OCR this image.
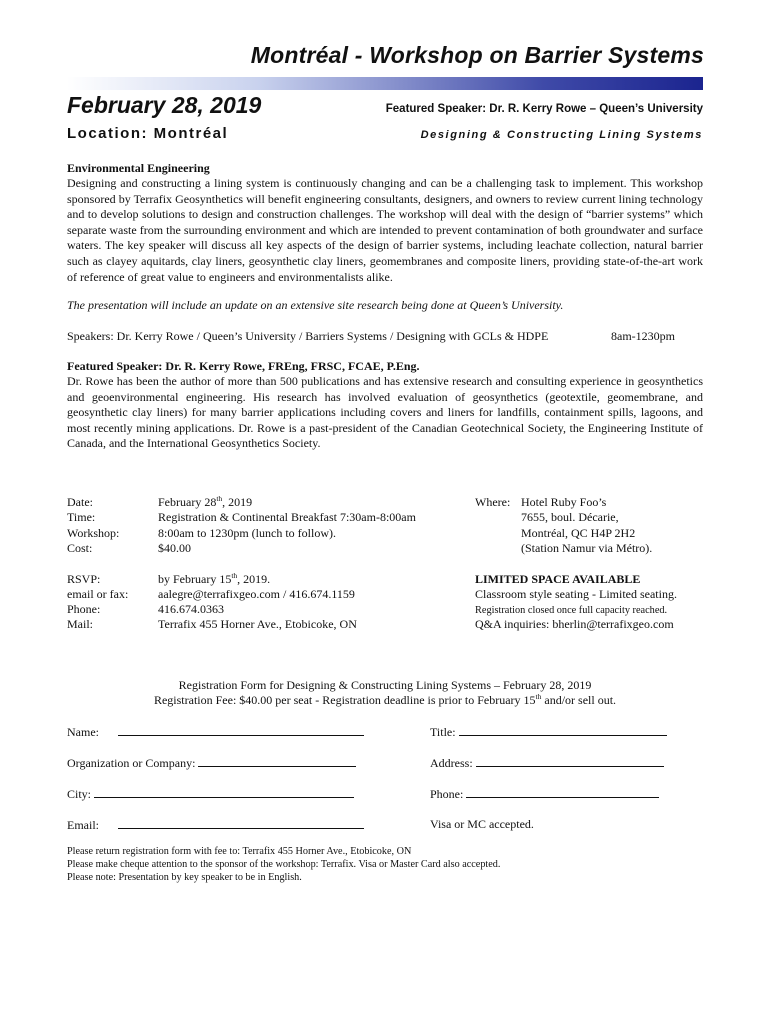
Montréal - Workshop on Barrier Systems
February 28, 2019	Featured Speaker: Dr. R. Kerry Rowe – Queen’s University
Location: Montréal	Designing & Constructing Lining Systems
Environmental Engineering
Designing and constructing a lining system is continuously changing and can be a challenging task to implement. This workshop sponsored by Terrafix Geosynthetics will benefit engineering consultants, designers, and owners to review current lining technology and to develop solutions to design and construction challenges. The workshop will deal with the design of “barrier systems” which separate waste from the surrounding environment and which are intended to prevent contamination of both groundwater and surface waters. The key speaker will discuss all key aspects of the design of barrier systems, including leachate collection, natural barrier such as clayey aquitards, clay liners, geosynthetic clay liners, geomembranes and composite liners, providing state-of-the-art work of reference of great value to engineers and environmentalists alike.
The presentation will include an update on an extensive site research being done at Queen’s University.
Speakers: Dr. Kerry Rowe / Queen’s University / Barriers Systems / Designing with GCLs & HDPE	8am-1230pm
Featured Speaker: Dr. R. Kerry Rowe, FREng, FRSC, FCAE, P.Eng.
Dr. Rowe has been the author of more than 500 publications and has extensive research and consulting experience in geosynthetics and geoenvironmental engineering. His research has involved evaluation of geosynthetics (geotextile, geomembrane, and geosynthetic clay liners) for many barrier applications including covers and liners for landfills, containment spills, lagoons, and most recently mining applications. Dr. Rowe is a past-president of the Canadian Geotechnical Society, the Engineering Institute of Canada, and the International Geosynthetics Society.
Date:	February 28th, 2019
Time:	Registration & Continental Breakfast 7:30am-8:00am
Workshop:	8:00am to 1230pm (lunch to follow).
Cost:	$40.00
Where: Hotel Ruby Foo’s
7655, boul. Décarie,
Montréal, QC H4P 2H2
(Station Namur via Métro).
RSVP:	by February 15th, 2019.
email or fax: aalegre@terrafixgeo.com / 416.674.1159
Phone:	416.674.0363
Mail:	Terrafix 455 Horner Ave., Etobicoke, ON
LIMITED SPACE AVAILABLE
Classroom style seating - Limited seating.
Registration closed once full capacity reached.
Q&A inquiries: bherlin@terrafixgeo.com
Registration Form for Designing & Constructing Lining Systems – February 28, 2019
Registration Fee: $40.00 per seat - Registration deadline is prior to February 15th and/or sell out.
Name:	Title:
Organization or Company:	Address:
City:	Phone:
Email:	Visa or MC accepted.
Please return registration form with fee to: Terrafix 455 Horner Ave., Etobicoke, ON
Please make cheque attention to the sponsor of the workshop: Terrafix. Visa or Master Card also accepted.
Please note: Presentation by key speaker to be in English.
